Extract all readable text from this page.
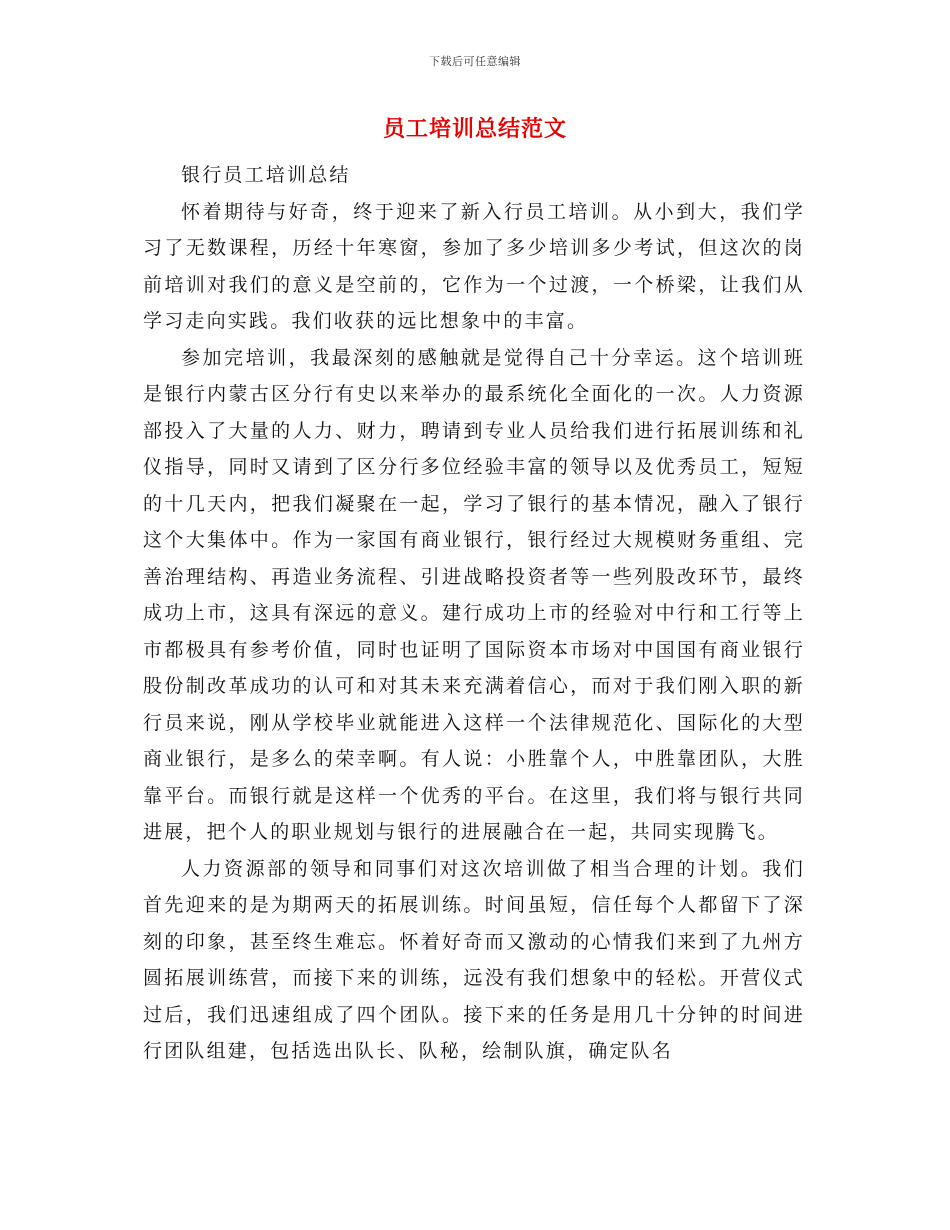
下载后可任意编辑
员工培训总结范文

银行员工培训总结

怀着期待与好奇，终于迎来了新入行员工培训。从小到大，我们学习了无数课程，历经十年寒窗，参加了多少培训多少考试，但这次的岗前培训对我们的意义是空前的，它作为一个过渡，一个桥梁，让我们从学习走向实践。我们收获的远比想象中的丰富。

参加完培训，我最深刻的感触就是觉得自己十分幸运。这个培训班是银行内蒙古区分行有史以来举办的最系统化全面化的一次。人力资源部投入了大量的人力、财力，聘请到专业人员给我们进行拓展训练和礼仪指导，同时又请到了区分行多位经验丰富的领导以及优秀员工，短短的十几天内，把我们凝聚在一起，学习了银行的基本情况，融入了银行这个大集体中。作为一家国有商业银行，银行经过大规模财务重组、完善治理结构、再造业务流程、引进战略投资者等一些列股改环节，最终成功上市，这具有深远的意义。建行成功上市的经验对中行和工行等上市都极具有参考价值，同时也证明了国际资本市场对中国国有商业银行股份制改革成功的认可和对其未来充满着信心，而对于我们刚入职的新行员来说，刚从学校毕业就能进入这样一个法律规范化、国际化的大型商业银行，是多么的荣幸啊。有人说：小胜靠个人，中胜靠团队，大胜靠平台。而银行就是这样一个优秀的平台。在这里，我们将与银行共同进展，把个人的职业规划与银行的进展融合在一起，共同实现腾飞。

人力资源部的领导和同事们对这次培训做了相当合理的计划。我们首先迎来的是为期两天的拓展训练。时间虽短，信任每个人都留下了深刻的印象，甚至终生难忘。怀着好奇而又激动的心情我们来到了九州方圆拓展训练营，而接下来的训练，远没有我们想象中的轻松。开营仪式过后，我们迅速组成了四个团队。接下来的任务是用几十分钟的时间进行团队组建，包括选出队长、队秘，绘制队旗，确定队名
